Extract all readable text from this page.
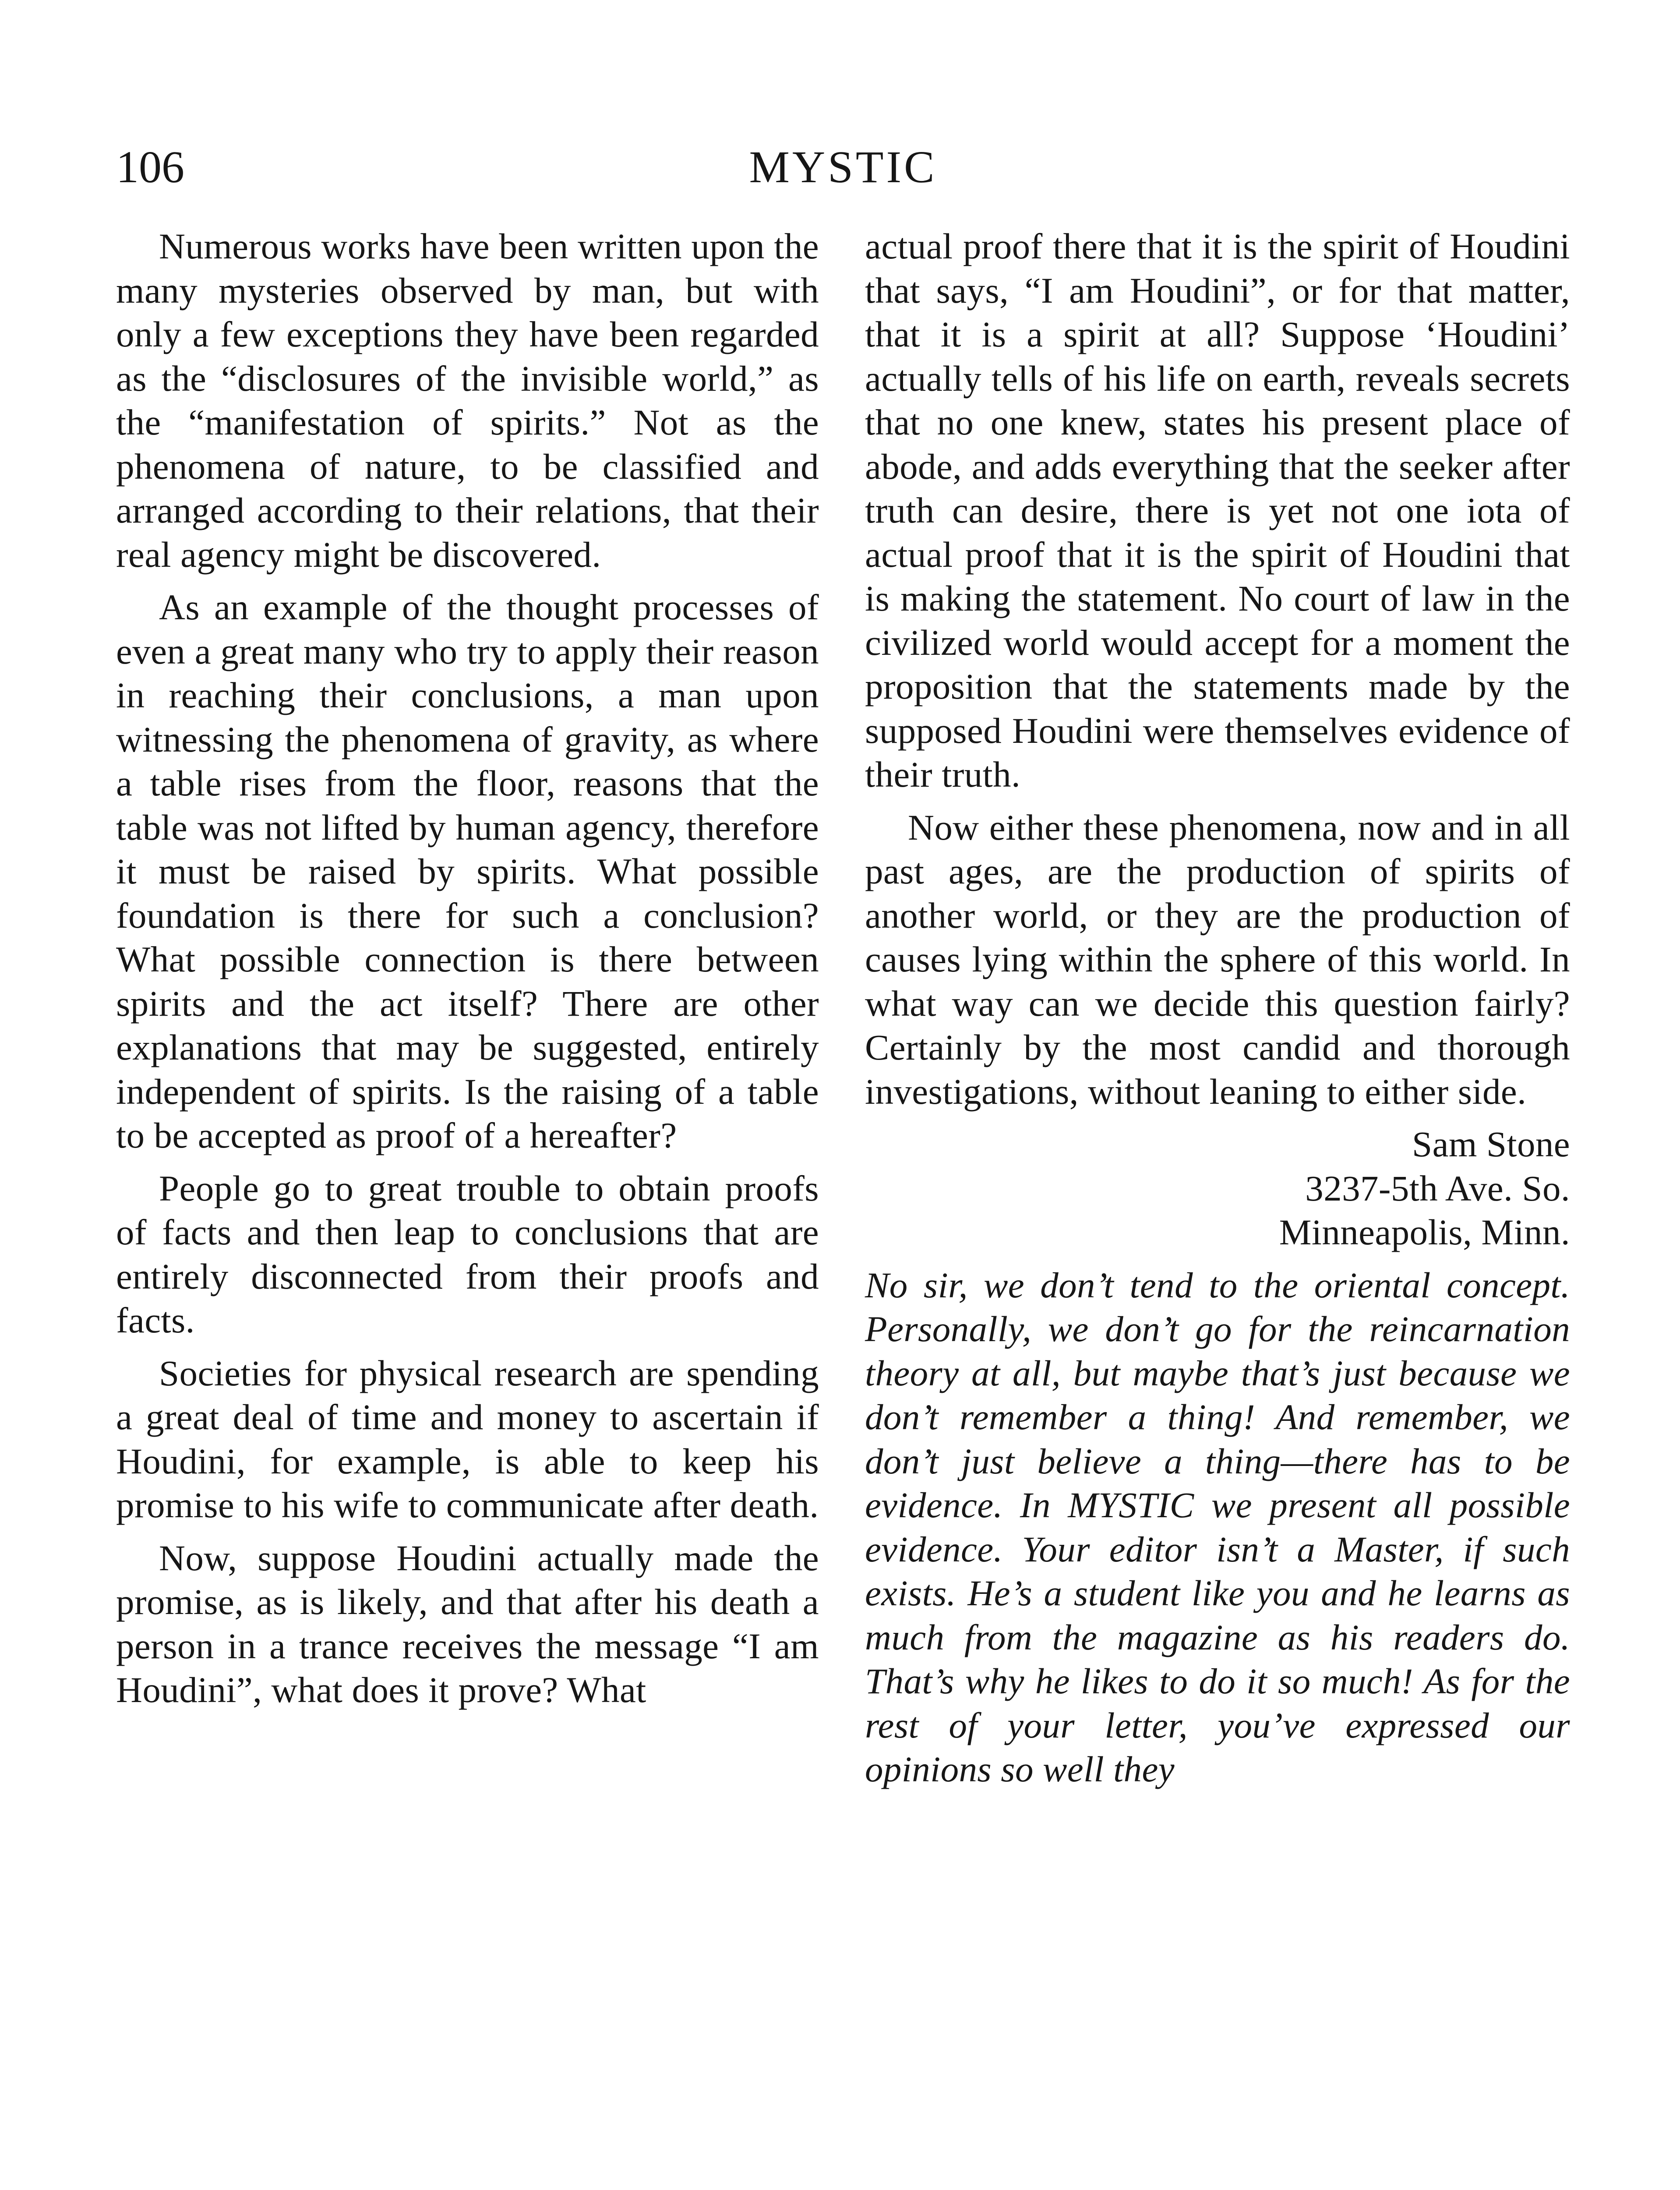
106	MYSTIC

Numerous works have been written upon the many mysteries observed by man, but with only a few exceptions they have been regarded as the “disclosures of the invisible world,” as the “manifestation of spirits.” Not as the phenomena of nature, to be classified and arranged according to their relations, that their real agency might be discovered.

As an example of the thought processes of even a great many who try to apply their reason in reaching their conclusions, a man upon witnessing the phenomena of gravity, as where a table rises from the floor, reasons that the table was not lifted by human agency, therefore it must be raised by spirits. What possible foundation is there for such a conclusion? What possible connection is there between spirits and the act itself? There are other explanations that may be suggested, entirely independent of spirits. Is the raising of a table to be accepted as proof of a hereafter?

People go to great trouble to obtain proofs of facts and then leap to conclusions that are entirely disconnected from their proofs and facts.

Societies for physical research are spending a great deal of time and money to ascertain if Houdini, for example, is able to keep his promise to his wife to communicate after death.

Now, suppose Houdini actually made the promise, as is likely, and that after his death a person in a trance receives the message “I am Houdini”, what does it prove? What

actual proof there that it is the spirit of Houdini that says, “I am Houdini”, or for that matter, that it is a spirit at all? Suppose ‘Houdini’ actually tells of his life on earth, reveals secrets that no one knew, states his present place of abode, and adds everything that the seeker after truth can desire, there is yet not one iota of actual proof that it is the spirit of Houdini that is making the statement. No court of law in the civilized world would accept for a moment the proposition that the statements made by the supposed Houdini were themselves evidence of their truth.

Now either these phenomena, now and in all past ages, are the production of spirits of another world, or they are the production of causes lying within the sphere of this world. In what way can we decide this question fairly? Certainly by the most candid and thorough investigations, without leaning to either side.

Sam Stone
3237-5th Ave. So.
Minneapolis, Minn.

No sir, we don’t tend to the oriental concept. Personally, we don’t go for the reincarnation theory at all, but maybe that’s just because we don’t remember a thing! And remember, we don’t just believe a thing—there has to be evidence. In MYSTIC we present all possible evidence. Your editor isn’t a Master, if such exists. He’s a student like you and he learns as much from the magazine as his readers do. That’s why he likes to do it so much! As for the rest of your letter, you’ve expressed our opinions so well they
